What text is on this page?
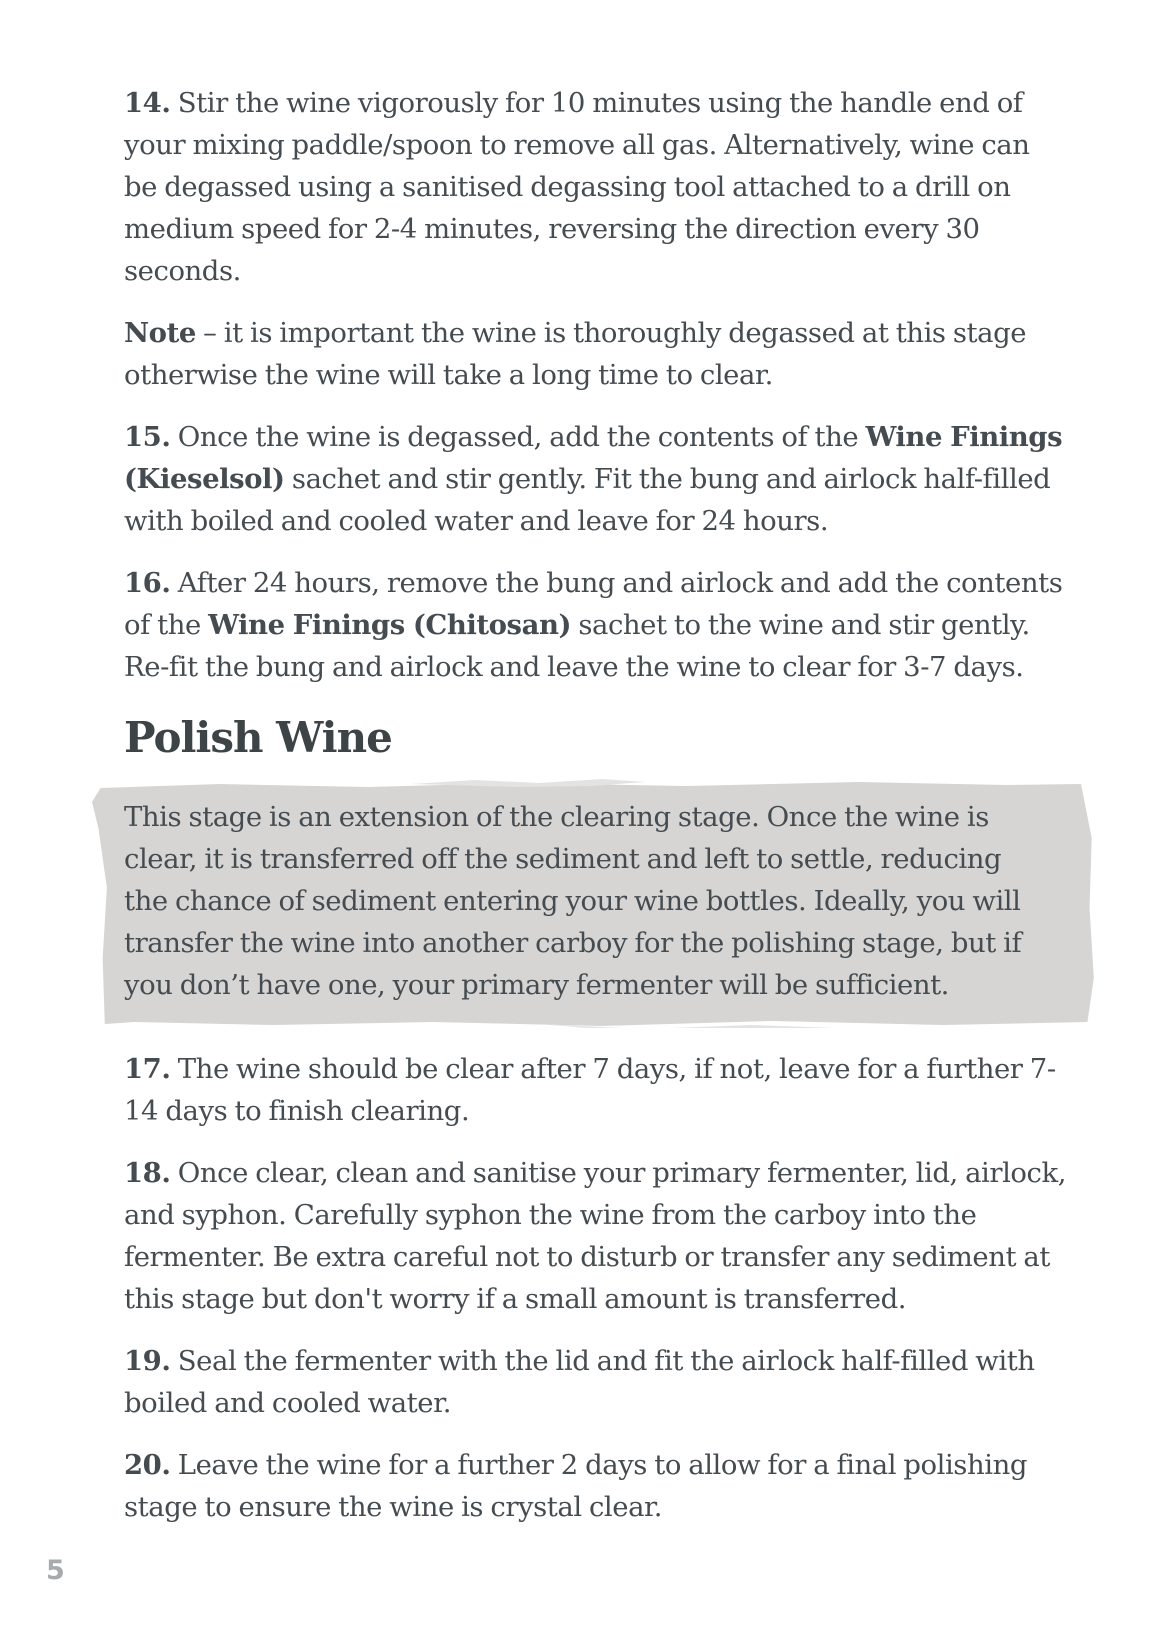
14. Stir the wine vigorously for 10 minutes using the handle end of your mixing paddle/spoon to remove all gas. Alternatively, wine can be degassed using a sanitised degassing tool attached to a drill on medium speed for 2-4 minutes, reversing the direction every 30 seconds.

Note – it is important the wine is thoroughly degassed at this stage otherwise the wine will take a long time to clear.

15. Once the wine is degassed, add the contents of the Wine Finings (Kieselsol) sachet and stir gently. Fit the bung and airlock half-filled with boiled and cooled water and leave for 24 hours.

16. After 24 hours, remove the bung and airlock and add the contents of the Wine Finings (Chitosan) sachet to the wine and stir gently. Re-fit the bung and airlock and leave the wine to clear for 3-7 days.

Polish Wine

This stage is an extension of the clearing stage. Once the wine is clear, it is transferred off the sediment and left to settle, reducing the chance of sediment entering your wine bottles. Ideally, you will transfer the wine into another carboy for the polishing stage, but if you don’t have one, your primary fermenter will be sufficient.

17. The wine should be clear after 7 days, if not, leave for a further 7-14 days to finish clearing.

18. Once clear, clean and sanitise your primary fermenter, lid, airlock, and syphon. Carefully syphon the wine from the carboy into the fermenter. Be extra careful not to disturb or transfer any sediment at this stage but don't worry if a small amount is transferred.

19. Seal the fermenter with the lid and fit the airlock half-filled with boiled and cooled water.

20. Leave the wine for a further 2 days to allow for a final polishing stage to ensure the wine is crystal clear.

5
